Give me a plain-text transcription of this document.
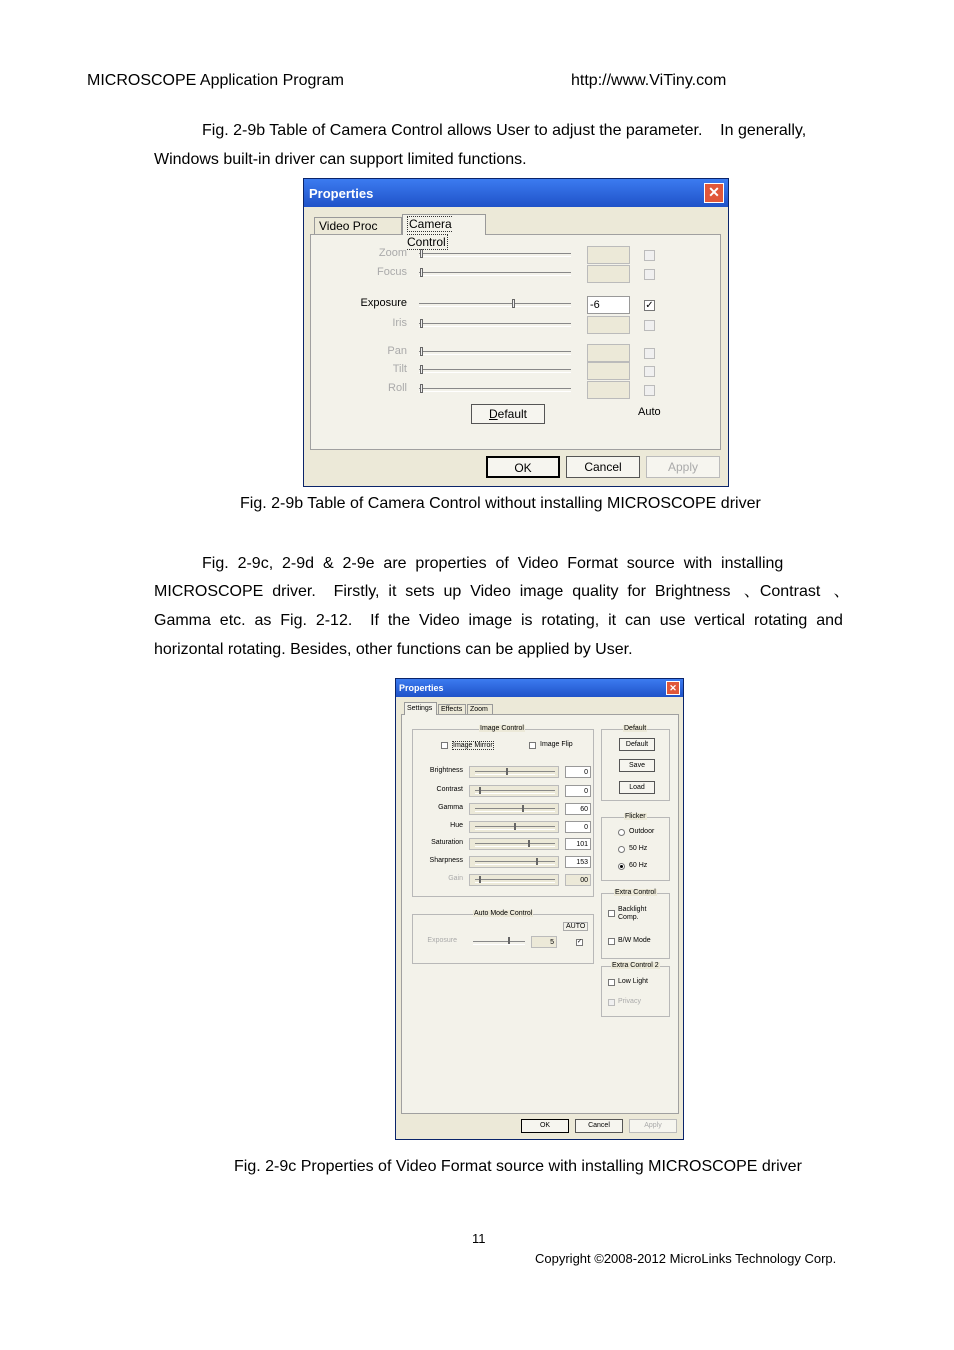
MICROSCOPE Application Program	http://www.ViTiny.com
Fig. 2-9b Table of Camera Control allows User to adjust the parameter.    In generally,
Windows built-in driver can support limited functions.
Properties	✕
Video Proc	Camera Control
Zoom
Focus
Exposure	-6	✓
Iris
Pan
Tilt
Roll
Default	Auto
OK	Cancel	Apply
Fig. 2-9b Table of Camera Control without installing MICROSCOPE driver
Fig.  2-9c,  2-9d  &  2-9e  are  properties  of  Video  Format  source  with  installing
MICROSCOPE  driver.    Firstly,  it  sets  up  Video  image  quality  for  Brightness   、Contrast   、
Gamma  etc.  as  Fig.  2-12.    If  the  Video  image  is  rotating,  it  can  use  vertical  rotating  and
horizontal rotating. Besides, other functions can be applied by User.
Properties	✕
Settings	Effects	Zoom
Image Control
Image Mirror	Image Flip
Brightness	0
Contrast	0
Gamma	60
Hue	0
Saturation	101
Sharpness	153
Gain	00
Auto Mode Control
AUTO
Exposure	5	✓
Default
Default
Save
Load
Flicker
Outdoor
50 Hz
60 Hz
Extra Control
Backlight Comp.
B/W Mode
Extra Control 2
Low Light
Privacy
OK	Cancel	Apply
Fig. 2-9c Properties of Video Format source with installing MICROSCOPE driver
11
Copyright ©2008-2012 MicroLinks Technology Corp.
